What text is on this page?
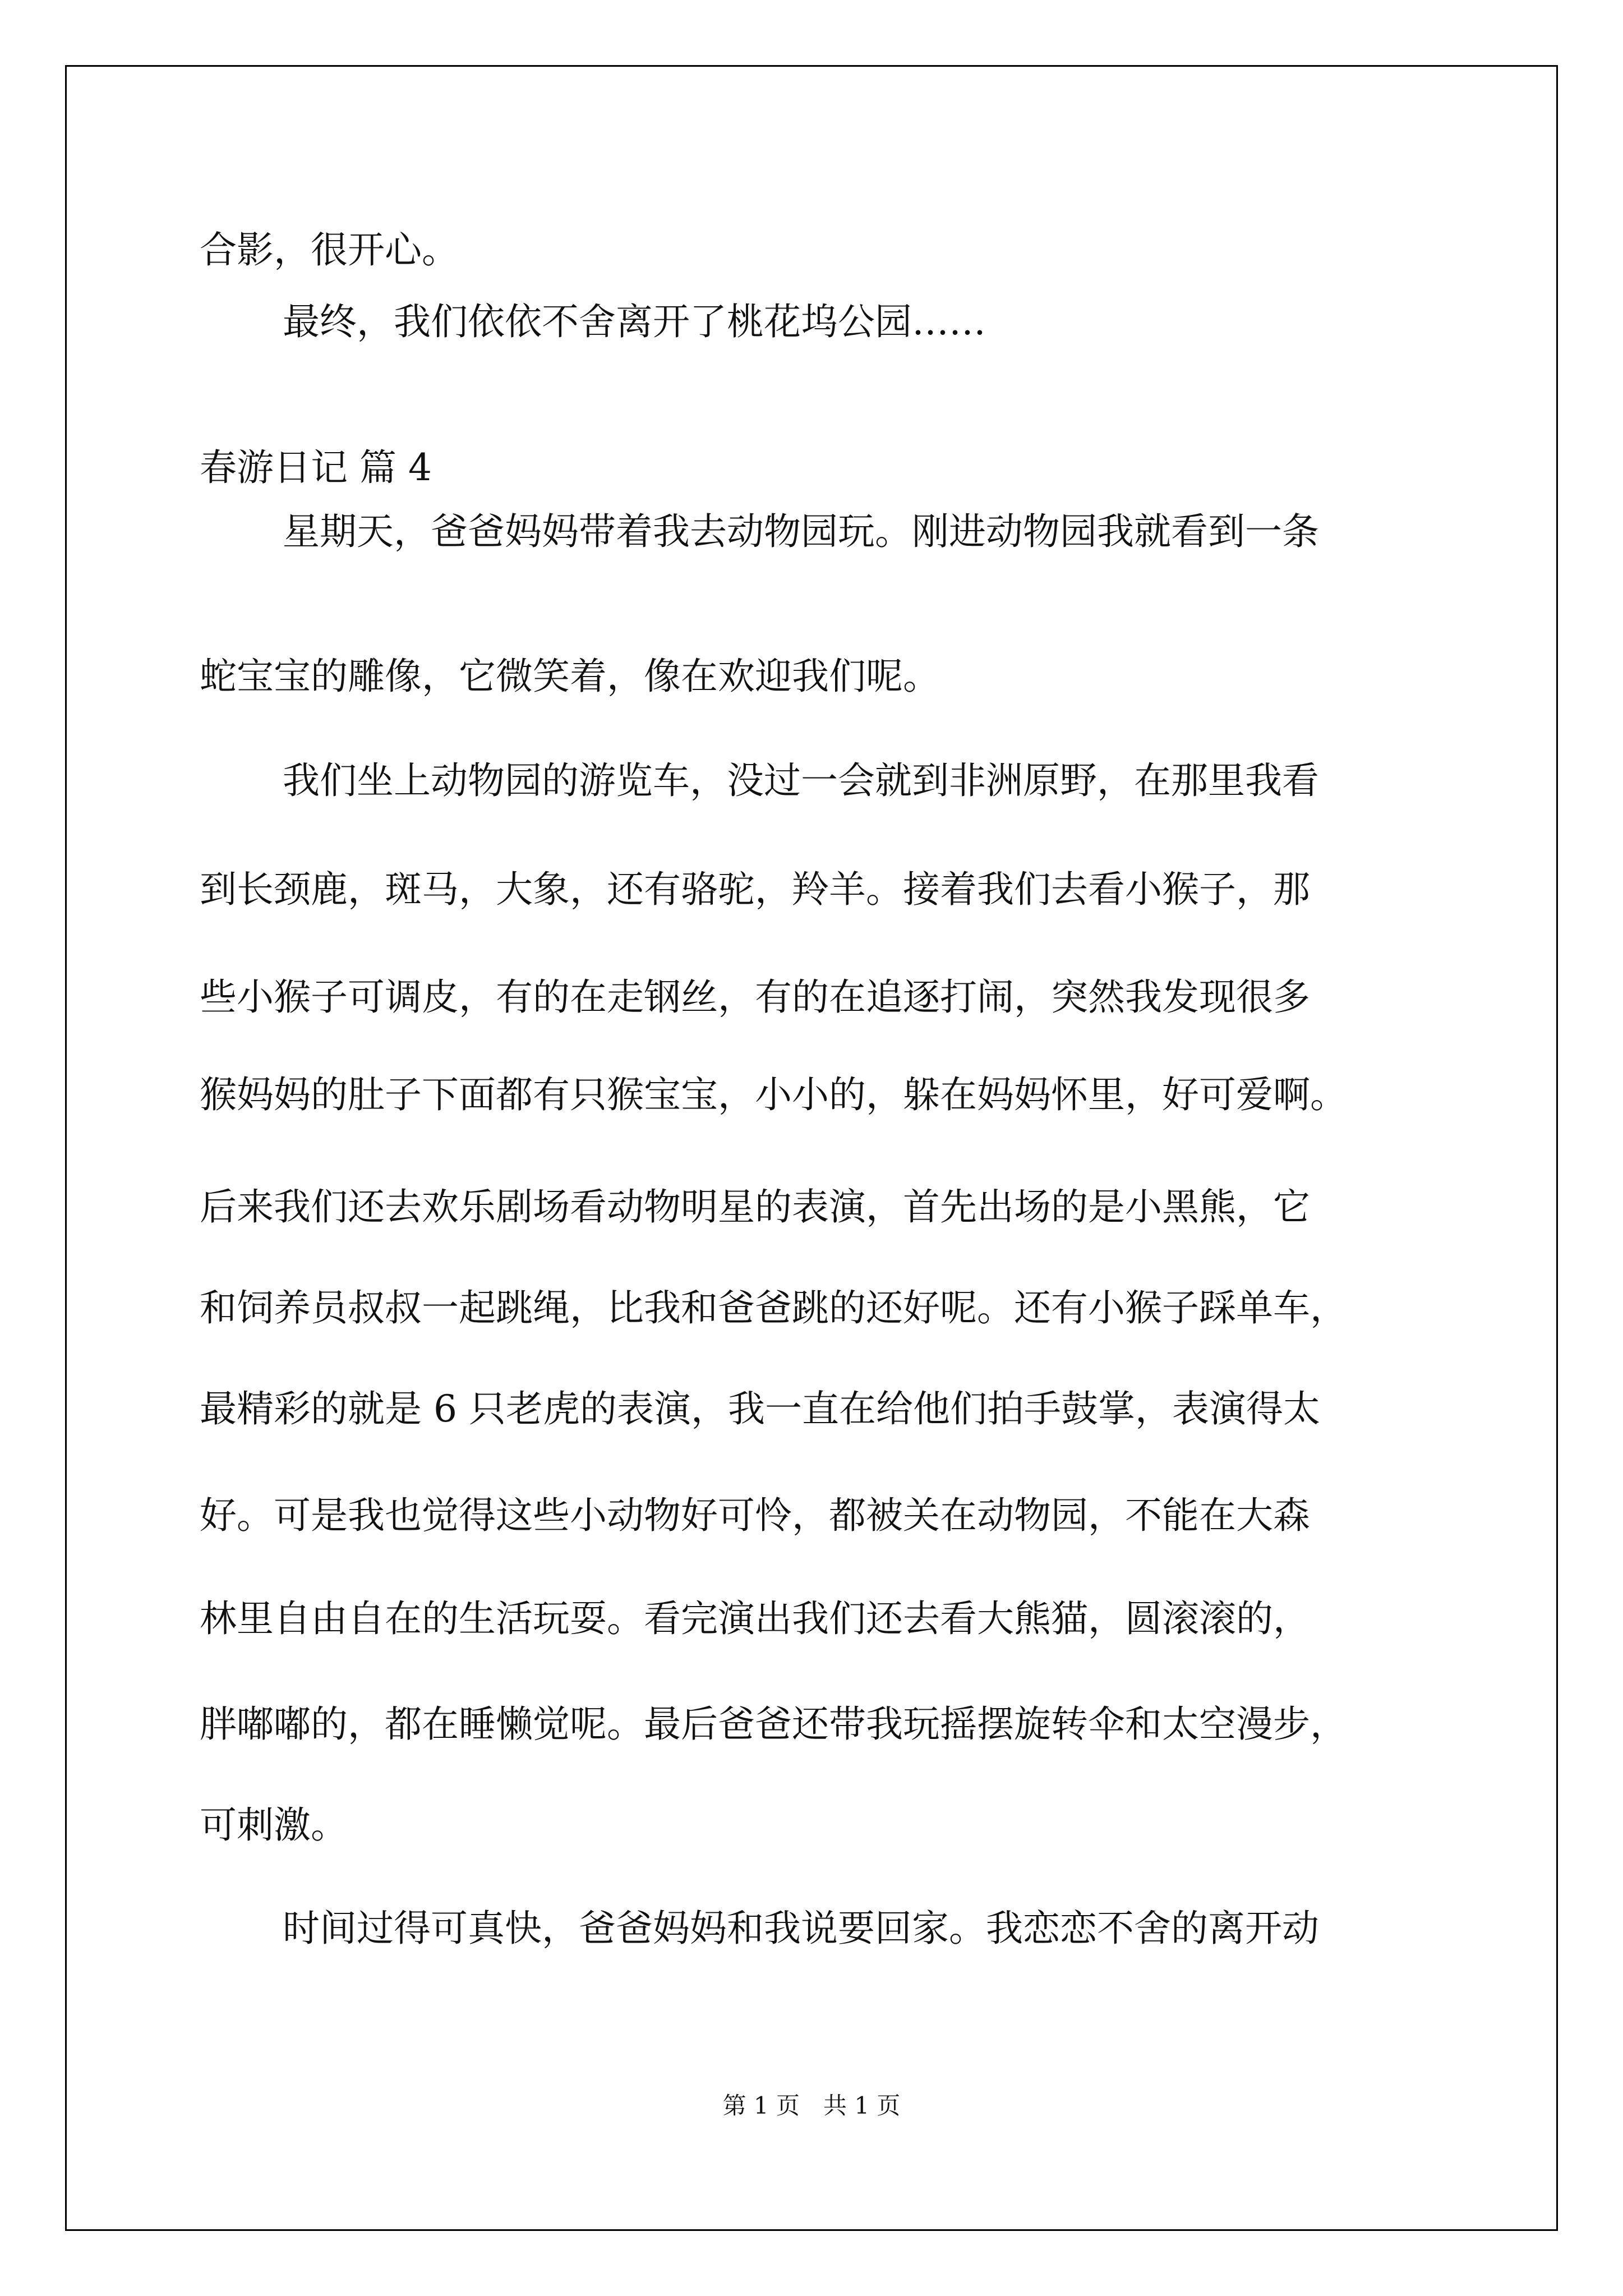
合影，很开心。

最终，我们依依不舍离开了桃花坞公园……

春游日记 篇 4

星期天，爸爸妈妈带着我去动物园玩。刚进动物园我就看到一条

蛇宝宝的雕像，它微笑着，像在欢迎我们呢。

我们坐上动物园的游览车，没过一会就到非洲原野，在那里我看

到长颈鹿，斑马，大象，还有骆驼，羚羊。接着我们去看小猴子，那

些小猴子可调皮，有的在走钢丝，有的在追逐打闹，突然我发现很多

猴妈妈的肚子下面都有只猴宝宝，小小的，躲在妈妈怀里，好可爱啊。

后来我们还去欢乐剧场看动物明星的表演，首先出场的是小黑熊，它

和饲养员叔叔一起跳绳，比我和爸爸跳的还好呢。还有小猴子踩单车，

最精彩的就是 6 只老虎的表演，我一直在给他们拍手鼓掌，表演得太

好。可是我也觉得这些小动物好可怜，都被关在动物园，不能在大森

林里自由自在的生活玩耍。看完演出我们还去看大熊猫，圆滚滚的，

胖嘟嘟的，都在睡懒觉呢。最后爸爸还带我玩摇摆旋转伞和太空漫步，

可刺激。

时间过得可真快，爸爸妈妈和我说要回家。我恋恋不舍的离开动

第 1 页　共 1 页
